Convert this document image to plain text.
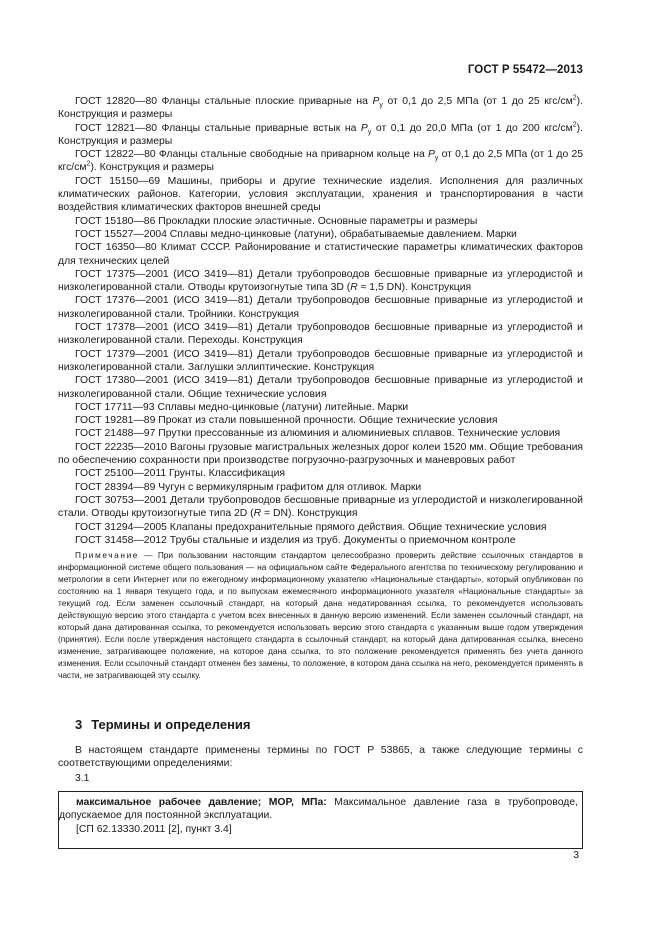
ГОСТ Р 55472—2013

ГОСТ 12820—80 Фланцы стальные плоские приварные на $P_y$ от 0,1 до 2,5 МПа (от 1 до 25 кгс/$см^2$). Конструкция и размеры

ГОСТ 12821—80 Фланцы стальные приварные встык на $P_y$ от 0,1 до 20,0 МПа (от 1 до 200 кгс/$см^2$). Конструкция и размеры

ГОСТ 12822—80 Фланцы стальные свободные на приварном кольце на $P_y$ от 0,1 до 2,5 МПа (от 1 до 25 кгс/$см^2$). Конструкция и размеры

ГОСТ 15150—69 Машины, приборы и другие технические изделия. Исполнения для различных климатических районов. Категории, условия эксплуатации, хранения и транспортирования в части воздействия климатических факторов внешней среды

ГОСТ 15180—86 Прокладки плоские эластичные. Основные параметры и размеры

ГОСТ 15527—2004 Сплавы медно-цинковые (латуни), обрабатываемые давлением. Марки

ГОСТ 16350—80 Климат СССР. Районирование и статистические параметры климатических факторов для технических целей

ГОСТ 17375—2001 (ИСО 3419—81) Детали трубопроводов бесшовные приварные из углеродистой и низколегированной стали. Отводы крутоизогнутые типа 3D (R ≈ 1,5 DN). Конструкция

ГОСТ 17376—2001 (ИСО 3419—81) Детали трубопроводов бесшовные приварные из углеродистой и низколегированной стали. Тройники. Конструкция

ГОСТ 17378—2001 (ИСО 3419—81) Детали трубопроводов бесшовные приварные из углеродистой и низколегированной стали. Переходы. Конструкция

ГОСТ 17379—2001 (ИСО 3419—81) Детали трубопроводов бесшовные приварные из углеродистой и низколегированной стали. Заглушки эллиптические. Конструкция

ГОСТ 17380—2001 (ИСО 3419—81) Детали трубопроводов бесшовные приварные из углеродистой и низколегированной стали. Общие технические условия

ГОСТ 17711—93 Сплавы медно-цинковые (латуни) литейные. Марки

ГОСТ 19281—89 Прокат из стали повышенной прочности. Общие технические условия

ГОСТ 21488—97 Прутки прессованные из алюминия и алюминиевых сплавов. Технические условия

ГОСТ 22235—2010 Вагоны грузовые магистральных железных дорог колеи 1520 мм. Общие требования по обеспечению сохранности при производстве погрузочно-разгрузочных и маневровых работ

ГОСТ 25100—2011 Грунты. Классификация

ГОСТ 28394—89 Чугун с вермикулярным графитом для отливок. Марки

ГОСТ 30753—2001 Детали трубопроводов бесшовные приварные из углеродистой и низколегированной стали. Отводы крутоизогнутые типа 2D (R = DN). Конструкция

ГОСТ 31294—2005 Клапаны предохранительные прямого действия. Общие технические условия

ГОСТ 31458—2012 Трубы стальные и изделия из труб. Документы о приемочном контроле

Примечание — При пользовании настоящим стандартом целесообразно проверить действие ссылочных стандартов в информационной системе общего пользования — на официальном сайте Федерального агентства по техническому регулированию и метрологии в сети Интернет или по ежегодному информационному указателю «Национальные стандарты», который опубликован по состоянию на 1 января текущего года, и по выпускам ежемесячного информационного указателя «Национальные стандарты» за текущий год. Если заменен ссылочный стандарт, на который дана недатированная ссылка, то рекомендуется использовать действующую версию этого стандарта с учетом всех внесенных в данную версию изменений. Если заменен ссылочный стандарт, на который дана датированная ссылка, то рекомендуется использовать версию этого стандарта с указанным выше годом утверждения (принятия). Если после утверждения настоящего стандарта в ссылочный стандарт, на который дана датированная ссылка, внесено изменение, затрагивающее положение, на которое дана ссылка, то это положение рекомендуется применять без учета данного изменения. Если ссылочный стандарт отменен без замены, то положение, в котором дана ссылка на него, рекомендуется применять в части, не затрагивающей эту ссылку.

3 Термины и определения

В настоящем стандарте применены термины по ГОСТ Р 53865, а также следующие термины с соответствующими определениями:

3.1

максимальное рабочее давление; МОР, МПа: Максимальное давление газа в трубопроводе, допускаемое для постоянной эксплуатации.

[СП 62.13330.2011 [2], пункт 3.4]

3
